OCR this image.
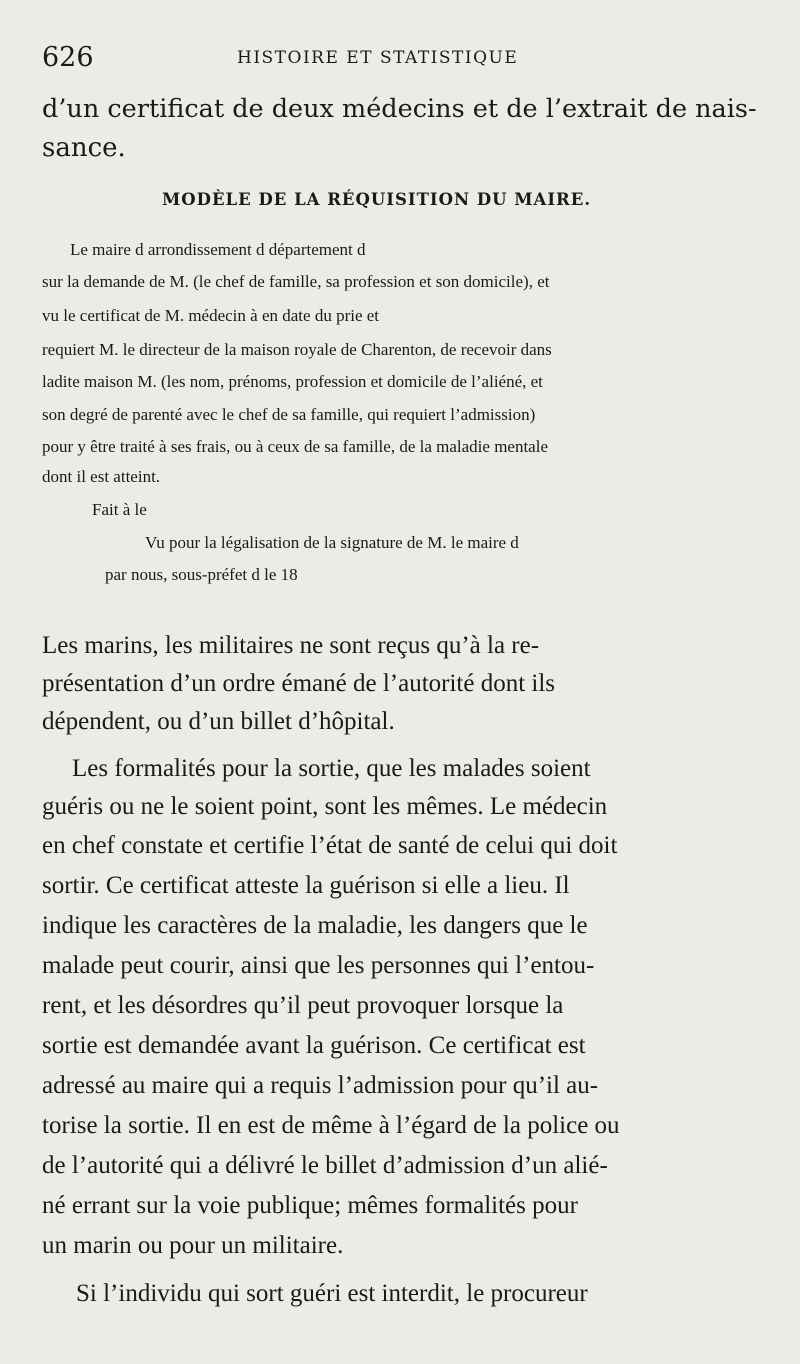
626	HISTOIRE ET STATISTIQUE
d’un certificat de deux médecins et de l’extrait de nais-
sance.
MODÈLE DE LA RÉQUISITION DU MAIRE.
Le maire d arrondissement d département d
sur la demande de M. (le chef de famille, sa profession et son domicile), et
vu le certificat de M. médecin à en date du prie et
requiert M. le directeur de la maison royale de Charenton, de recevoir dans
ladite maison M. (les nom, prénoms, profession et domicile de l’aliéné, et
son degré de parenté avec le chef de sa famille, qui requiert l’admission)
pour y être traité à ses frais, ou à ceux de sa famille, de la maladie mentale
dont il est atteint.
Fait à le
Vu pour la légalisation de la signature de M. le maire d
par nous, sous-préfet d le 18
Les marins, les militaires ne sont reçus qu’à la re-
présentation d’un ordre émané de l’autorité dont ils
dépendent, ou d’un billet d’hôpital.
Les formalités pour la sortie, que les malades soient
guéris ou ne le soient point, sont les mêmes. Le médecin
en chef constate et certifie l’état de santé de celui qui doit
sortir. Ce certificat atteste la guérison si elle a lieu. Il
indique les caractères de la maladie, les dangers que le
malade peut courir, ainsi que les personnes qui l’entou-
rent, et les désordres qu’il peut provoquer lorsque la
sortie est demandée avant la guérison. Ce certificat est
adressé au maire qui a requis l’admission pour qu’il au-
torise la sortie. Il en est de même à l’égard de la police ou
de l’autorité qui a délivré le billet d’admission d’un alié-
né errant sur la voie publique; mêmes formalités pour
un marin ou pour un militaire.
Si l’individu qui sort guéri est interdit, le procureur
